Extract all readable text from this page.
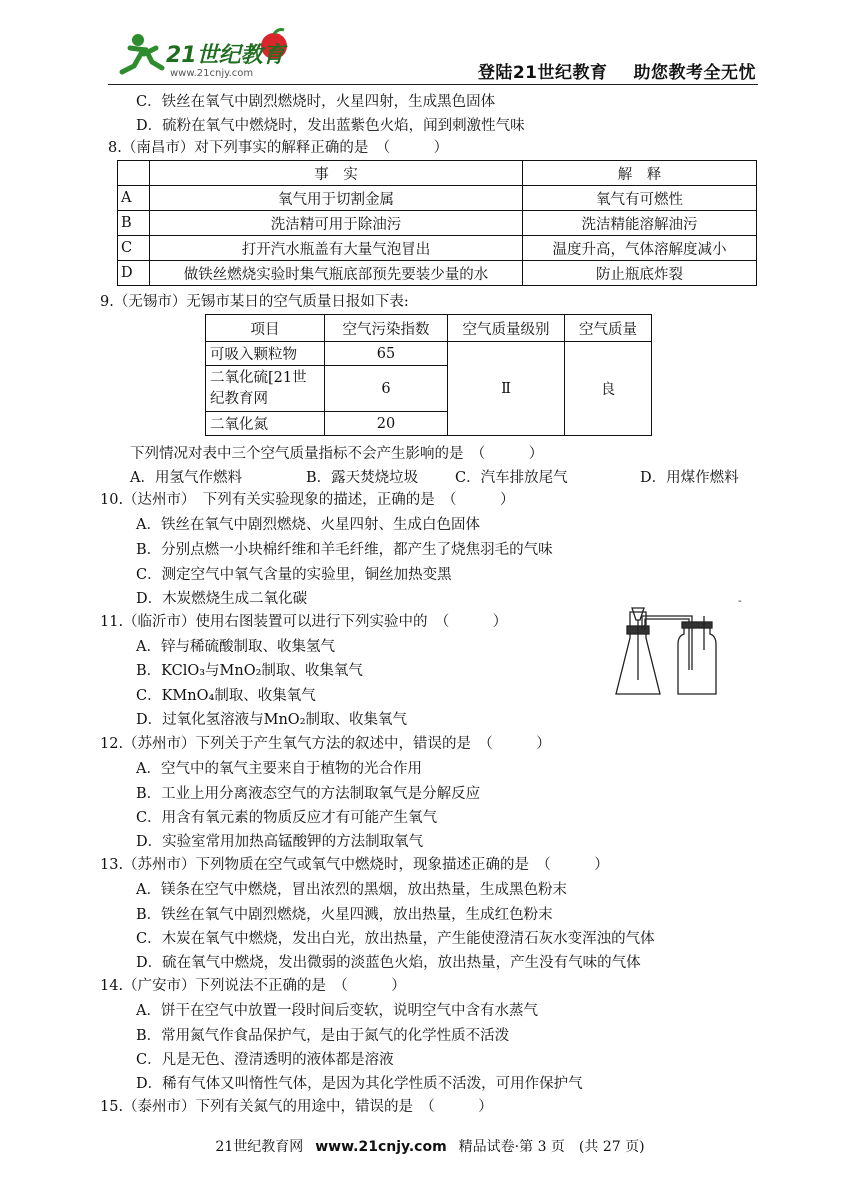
21世纪教育
www.21cnjy.com	登陆21世纪教育 助您教考全无忧
C．铁丝在氧气中剧烈燃烧时，火星四射，生成黑色固体
D．硫粉在氧气中燃烧时，发出蓝紫色火焰，闻到刺激性气味
8.（南昌市）对下列事实的解释正确的是　（　　　）
	事　实	解　释
A	氧气用于切割金属	氧气有可燃性
B	洗洁精可用于除油污	洗洁精能溶解油污
C	打开汽水瓶盖有大量气泡冒出	温度升高，气体溶解度减小
D	做铁丝燃烧实验时集气瓶底部预先要装少量的水	防止瓶底炸裂
9.（无锡市）无锡市某日的空气质量日报如下表:
项目	空气污染指数	空气质量级别	空气质量
可吸入颗粒物	65	Ⅱ	良
二氧化硫[21世
纪教育网	6		
二氧化氮	20		
下列情况对表中三个空气质量指标不会产生影响的是　（　　　）
A．用氢气作燃料	B．露天焚烧垃圾	C．汽车排放尾气	D．用煤作燃料
10.（达州市）　下列有关实验现象的描述，正确的是　（　　　）
A．铁丝在氧气中剧烈燃烧、火星四射、生成白色固体
B．分别点燃一小块棉纤维和羊毛纤维，都产生了烧焦羽毛的气味
C．测定空气中氧气含量的实验里，铜丝加热变黑
D．木炭燃烧生成二氧化碳
11.（临沂市）使用右图装置可以进行下列实验中的　（　　　）
A．锌与稀硫酸制取、收集氢气
B．KClO₃与MnO₂制取、收集氧气
C．KMnO₄制取、收集氧气
D．过氧化氢溶液与MnO₂制取、收集氧气
-
12.（苏州市）下列关于产生氧气方法的叙述中，错误的是　（　　　）
A．空气中的氧气主要来自于植物的光合作用
B．工业上用分离液态空气的方法制取氧气是分解反应
C．用含有氧元素的物质反应才有可能产生氧气
D．实验室常用加热高锰酸钾的方法制取氧气
13.（苏州市）下列物质在空气或氧气中燃烧时，现象描述正确的是　（　　　）
A．镁条在空气中燃烧，冒出浓烈的黑烟，放出热量，生成黑色粉末
B．铁丝在氧气中剧烈燃烧，火星四溅，放出热量，生成红色粉末
C．木炭在氧气中燃烧，发出白光，放出热量，产生能使澄清石灰水变浑浊的气体
D．硫在氧气中燃烧，发出微弱的淡蓝色火焰，放出热量，产生没有气味的气体
14.（广安市）下列说法不正确的是　（　　　）
A．饼干在空气中放置一段时间后变软，说明空气中含有水蒸气
B．常用氮气作食品保护气，是由于氮气的化学性质不活泼
C．凡是无色、澄清透明的液体都是溶液
D．稀有气体又叫惰性气体，是因为其化学性质不活泼，可用作保护气
15.（泰州市）下列有关氮气的用途中，错误的是　（　　　）
21世纪教育网 www.21cnjy.com 精品试卷·第 3 页　(共 27 页)
